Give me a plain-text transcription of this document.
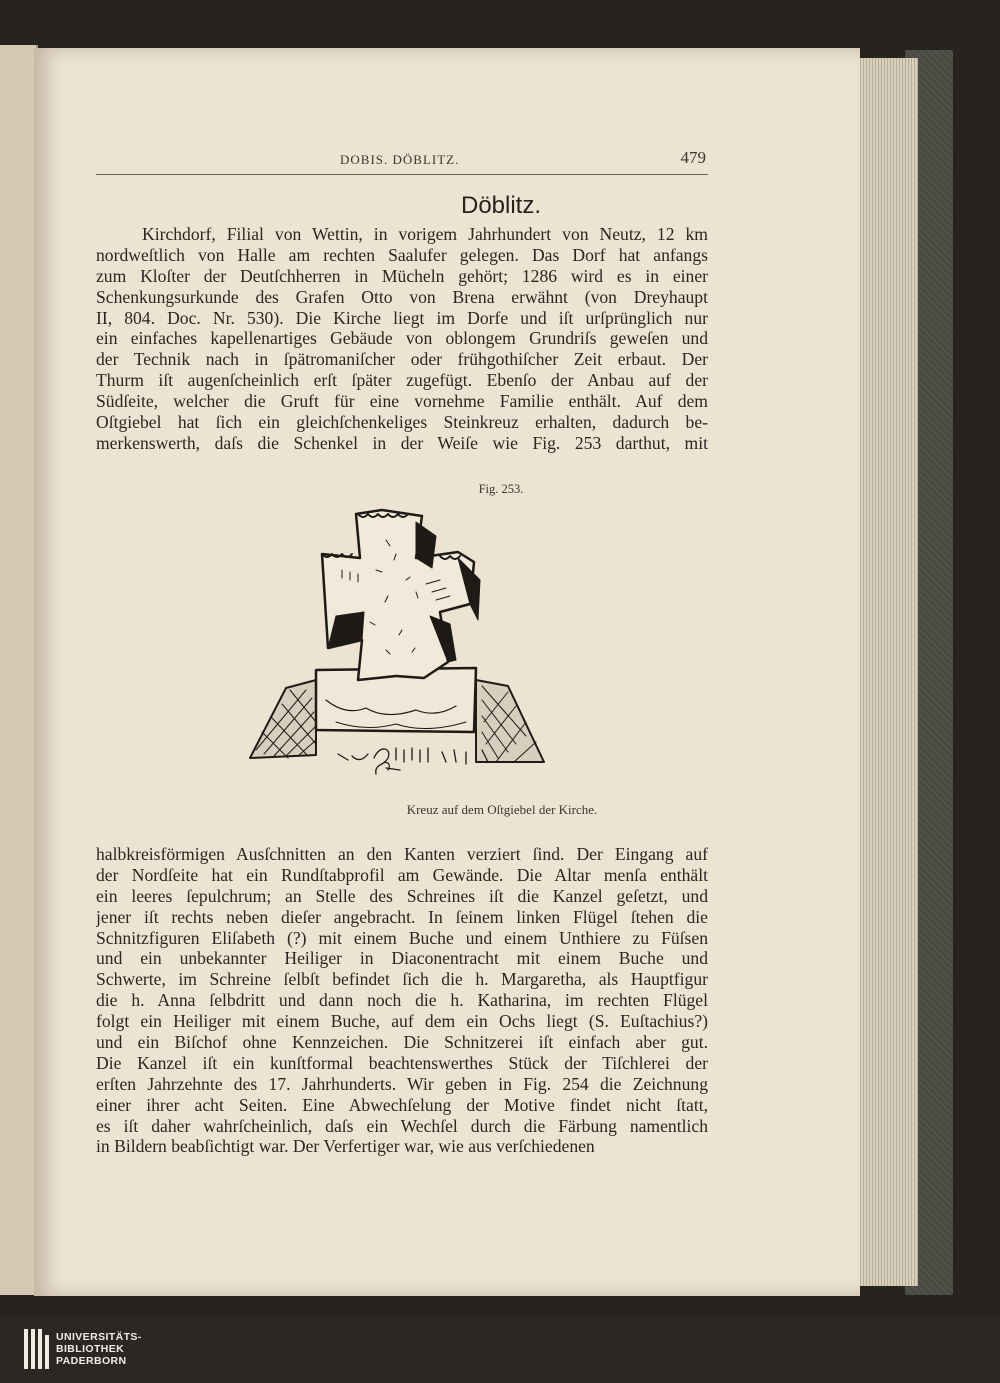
DOBIS. DÖBLITZ.	479
Döblitz.
Kirchdorf, Filial von Wettin, in vorigem Jahrhundert von Neutz, 12 km
nordweſtlich von Halle am rechten Saalufer gelegen. Das Dorf hat anfangs
zum Kloſter der Deutſchherren in Mücheln gehört; 1286 wird es in einer
Schenkungsurkunde des Grafen Otto von Brena erwähnt (von Dreyhaupt
II, 804. Doc. Nr. 530). Die Kirche liegt im Dorfe und iſt urſprünglich nur
ein einfaches kapellenartiges Gebäude von oblongem Grundriſs geweſen und
der Technik nach in ſpätromaniſcher oder frühgothiſcher Zeit erbaut. Der
Thurm iſt augenſcheinlich erſt ſpäter zugefügt. Ebenſo der Anbau auf der
Südſeite, welcher die Gruft für eine vornehme Familie enthält. Auf dem
Oſtgiebel hat ſich ein gleichſchenkeliges Steinkreuz erhalten, dadurch be-
merkenswerth, daſs die Schenkel in der Weiſe wie Fig. 253 darthut, mit
Fig. 253.
Kreuz auf dem Oſtgiebel der Kirche.
halbkreisförmigen Ausſchnitten an den Kanten verziert ſind. Der Eingang auf
der Nordſeite hat ein Rundſtabprofil am Gewände. Die Altar menſa enthält
ein leeres ſepulchrum; an Stelle des Schreines iſt die Kanzel geſetzt, und
jener iſt rechts neben dieſer angebracht. In ſeinem linken Flügel ſtehen die
Schnitzfiguren Eliſabeth (?) mit einem Buche und einem Unthiere zu Füſsen
und ein unbekannter Heiliger in Diaconentracht mit einem Buche und
Schwerte, im Schreine ſelbſt befindet ſich die h. Margaretha, als Hauptfigur
die h. Anna ſelbdritt und dann noch die h. Katharina, im rechten Flügel
folgt ein Heiliger mit einem Buche, auf dem ein Ochs liegt (S. Euſtachius?)
und ein Biſchof ohne Kennzeichen. Die Schnitzerei iſt einfach aber gut.
Die Kanzel iſt ein kunſtformal beachtenswerthes Stück der Tiſchlerei der
erſten Jahrzehnte des 17. Jahrhunderts. Wir geben in Fig. 254 die Zeichnung
einer ihrer acht Seiten. Eine Abwechſelung der Motive findet nicht ſtatt,
es iſt daher wahrſcheinlich, daſs ein Wechſel durch die Färbung namentlich
in Bildern beabſichtigt war. Der Verfertiger war, wie aus verſchiedenen
UNIVERSITÄTS-
BIBLIOTHEK
PADERBORN
